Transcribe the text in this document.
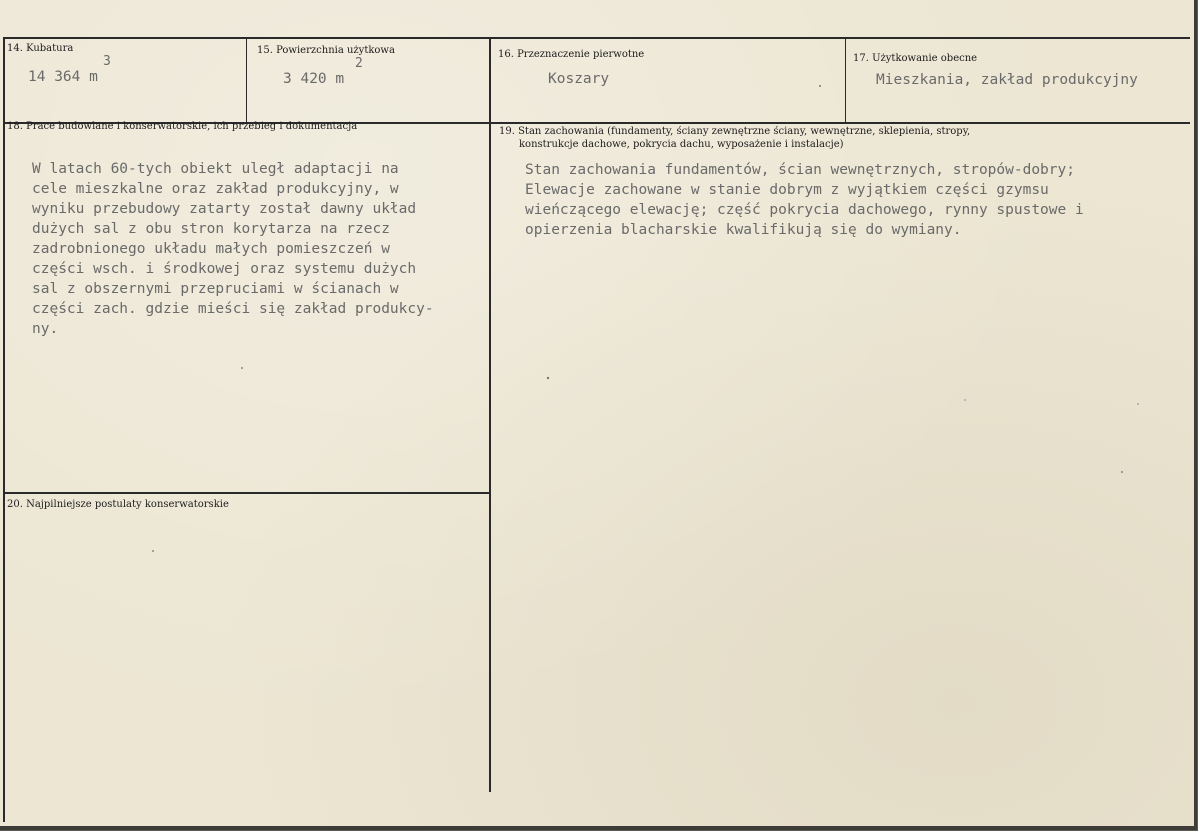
14. Kubatura
14 364 m
3
15. Powierzchnia użytkowa
3 420 m
2
16. Przeznaczenie pierwotne
Koszary
17. Użytkowanie obecne
Mieszkania, zakład produkcyjny
18. Prace budowlane i konserwatorskie, ich przebieg i dokumentacja
W latach 60-tych obiekt uległ adaptacji na
cele mieszkalne oraz zakład produkcyjny, w
wyniku przebudowy zatarty został dawny układ
dużych sal z obu stron korytarza na rzecz
zadrobnionego układu małych pomieszczeń w
części wsch. i środkowej oraz systemu dużych
sal z obszernymi przepruciami w ścianach w
części zach. gdzie mieści się zakład produkcy-
ny.
19. Stan zachowania (fundamenty, ściany zewnętrzne ściany, wewnętrzne, sklepienia, stropy,
konstrukcje dachowe, pokrycia dachu, wyposażenie i instalacje)
Stan zachowania fundamentów, ścian wewnętrznych, stropów-dobry;
Elewacje zachowane w stanie dobrym z wyjątkiem części gzymsu
wieńczącego elewację; część pokrycia dachowego, rynny spustowe i
opierzenia blacharskie kwalifikują się do wymiany.
20. Najpilniejsze postulaty konserwatorskie
